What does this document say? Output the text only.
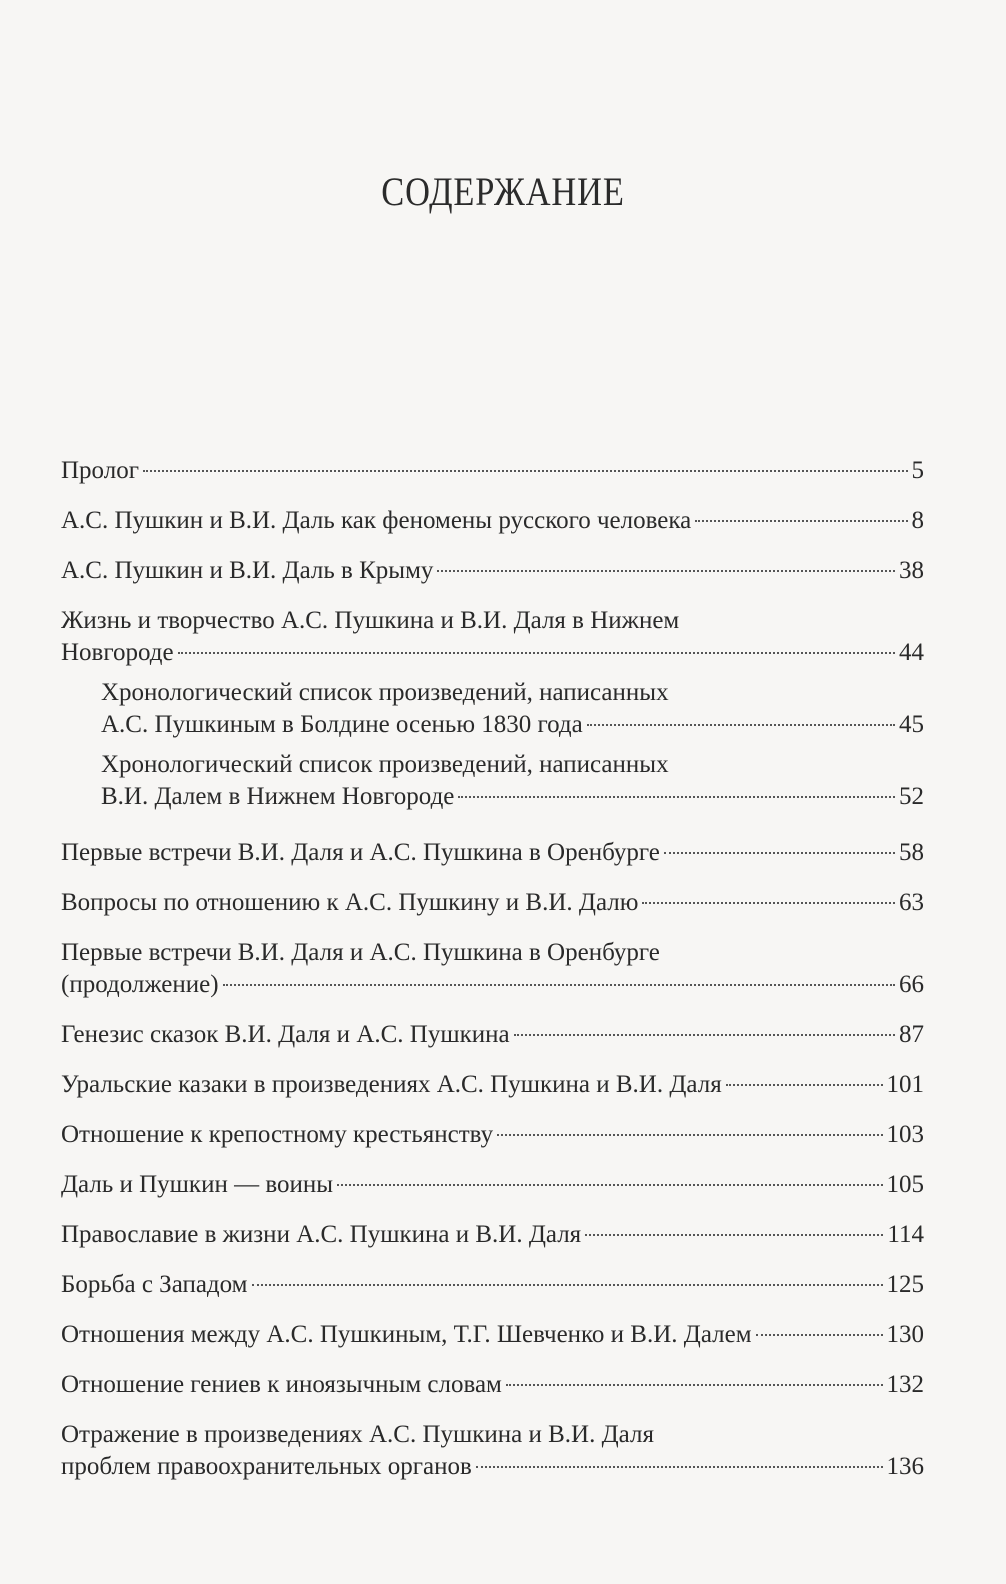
СОДЕРЖАНИЕ
Пролог	5
А.С. Пушкин и В.И. Даль как феномены русского человека	8
А.С. Пушкин и В.И. Даль в Крыму	38
Жизнь и творчество А.С. Пушкина и В.И. Даля в Нижнем
Новгороде	44
Хронологический список произведений, написанных
А.С. Пушкиным в Болдине осенью 1830 года	45
Хронологический список произведений, написанных
В.И. Далем в Нижнем Новгороде	52
Первые встречи В.И. Даля и А.С. Пушкина в Оренбурге	58
Вопросы по отношению к А.С. Пушкину и В.И. Далю	63
Первые встречи В.И. Даля и А.С. Пушкина в Оренбурге
(продолжение)	66
Генезис сказок В.И. Даля и А.С. Пушкина	87
Уральские казаки в произведениях А.С. Пушкина и В.И. Даля	101
Отношение к крепостному крестьянству	103
Даль и Пушкин — воины	105
Православие в жизни А.С. Пушкина и В.И. Даля	114
Борьба с Западом	125
Отношения между А.С. Пушкиным, Т.Г. Шевченко и В.И. Далем	130
Отношение гениев к иноязычным словам	132
Отражение в произведениях А.С. Пушкина и В.И. Даля
проблем правоохранительных органов	136
